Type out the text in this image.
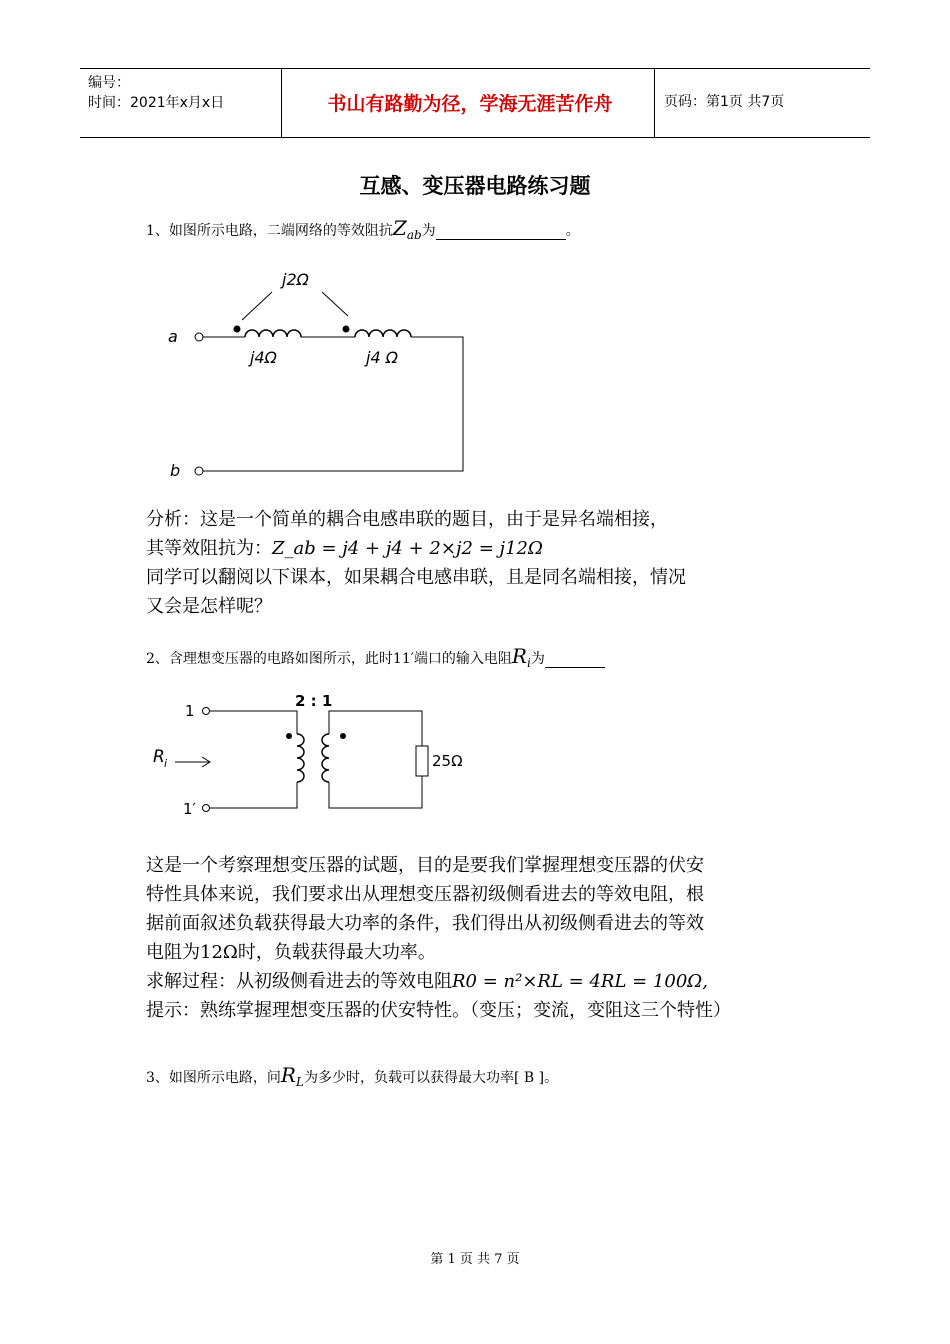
编号：
时间：2021年x月x日	书山有路勤为径，学海无涯苦作舟	页码：第1页 共7页
互感、变压器电路练习题
1、如图所示电路，二端网络的等效阻抗$Z_{ab}$为	。
j2Ω
a
j4Ω	j4 Ω
b
分析：这是一个简单的耦合电感串联的题目，由于是异名端相接，
其等效阻抗为：Z_ab = j4 + j4 + 2×j2 = j12Ω
同学可以翻阅以下课本，如果耦合电感串联，且是同名端相接，情况
又会是怎样呢？
2、含理想变压器的电路如图所示，此时11′端口的输入电阻$R_i$为
2 : 1
1
1′
25Ω
R i
这是一个考察理想变压器的试题，目的是要我们掌握理想变压器的伏安
特性具体来说，我们要求出从理想变压器初级侧看进去的等效电阻，根
据前面叙述负载获得最大功率的条件，我们得出从初级侧看进去的等效
电阻为12Ω时，负载获得最大功率。
求解过程：从初级侧看进去的等效电阻R0 = n²×RL = 4RL = 100Ω,
提示：熟练掌握理想变压器的伏安特性。（变压；变流，变阻这三个特性）
3、如图所示电路，问$R_L$为多少时，负载可以获得最大功率[ B ]。
第 1 页 共 7 页
